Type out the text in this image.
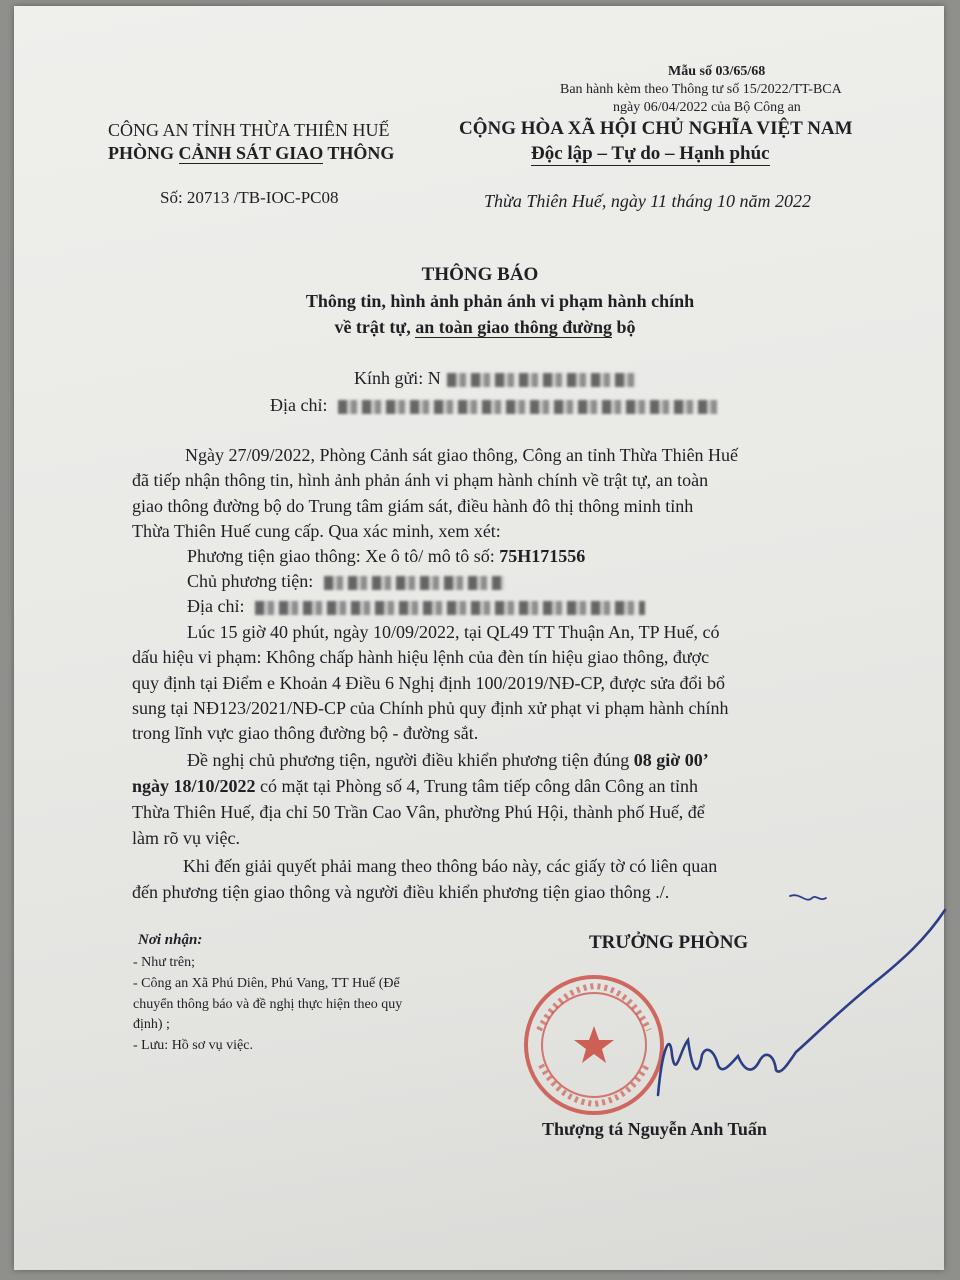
Mẫu số 03/65/68
Ban hành kèm theo Thông tư số 15/2022/TT-BCA
ngày 06/04/2022 của Bộ Công an
CÔNG AN TỈNH THỪA THIÊN HUẾ
PHÒNG CẢNH SÁT GIAO THÔNG
Số: 20713 /TB-IOC-PC08
CỘNG HÒA XÃ HỘI CHỦ NGHĨA VIỆT NAM
Độc lập – Tự do – Hạnh phúc
Thừa Thiên Huế, ngày 11 tháng 10 năm 2022
THÔNG BÁO
Thông tin, hình ảnh phản ánh vi phạm hành chính
về trật tự, an toàn giao thông đường bộ
Kính gửi: N
Địa chỉ:
Ngày 27/09/2022, Phòng Cảnh sát giao thông, Công an tỉnh Thừa Thiên Huế
đã tiếp nhận thông tin, hình ảnh phản ánh vi phạm hành chính về trật tự, an toàn
giao thông đường bộ do Trung tâm giám sát, điều hành đô thị thông minh tỉnh
Thừa Thiên Huế cung cấp. Qua xác minh, xem xét:
Phương tiện giao thông: Xe ô tô/ mô tô số: 75H171556
Chủ phương tiện:
Địa chỉ:
Lúc 15 giờ 40 phút, ngày 10/09/2022, tại QL49 TT Thuận An, TP Huế, có
dấu hiệu vi phạm: Không chấp hành hiệu lệnh của đèn tín hiệu giao thông, được
quy định tại Điểm e Khoản 4 Điều 6 Nghị định 100/2019/NĐ-CP, được sửa đổi bổ
sung tại NĐ123/2021/NĐ-CP của Chính phủ quy định xử phạt vi phạm hành chính
trong lĩnh vực giao thông đường bộ - đường sắt.
Đề nghị chủ phương tiện, người điều khiển phương tiện đúng 08 giờ 00’
ngày 18/10/2022 có mặt tại Phòng số 4, Trung tâm tiếp công dân Công an tỉnh
Thừa Thiên Huế, địa chỉ 50 Trần Cao Vân, phường Phú Hội, thành phố Huế, để
làm rõ vụ việc.
Khi đến giải quyết phải mang theo thông báo này, các giấy tờ có liên quan
đến phương tiện giao thông và người điều khiển phương tiện giao thông ./.
Nơi nhận:
- Như trên;
- Công an Xã Phú Diên, Phú Vang, TT Huế (Để
chuyển thông báo và đề nghị thực hiện theo quy
định) ;
- Lưu: Hồ sơ vụ việc.
TRƯỞNG PHÒNG
Thượng tá Nguyễn Anh Tuấn
